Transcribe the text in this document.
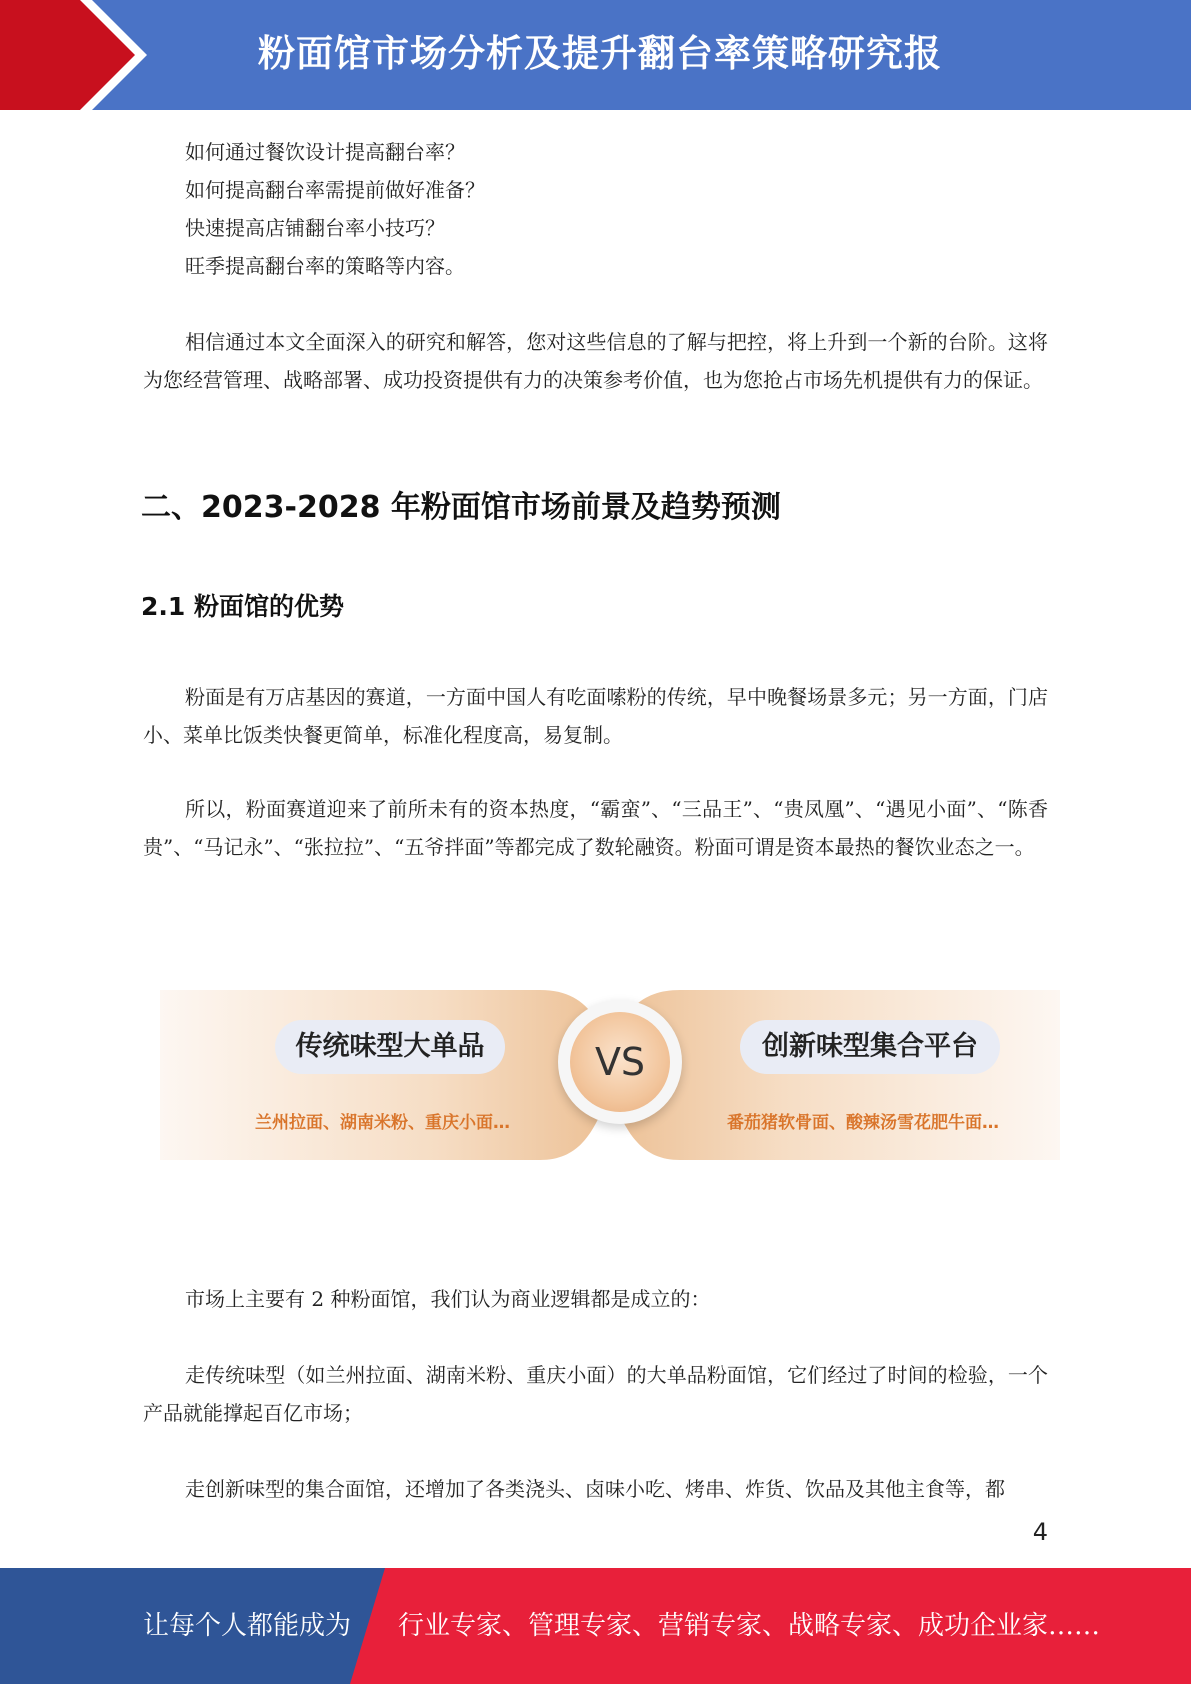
粉面馆市场分析及提升翻台率策略研究报告

如何通过餐饮设计提高翻台率？

如何提高翻台率需提前做好准备？

快速提高店铺翻台率小技巧？

旺季提高翻台率的策略等内容。

相信通过本文全面深入的研究和解答，您对这些信息的了解与把控，将上升到一个新的台阶。这将为您经营管理、战略部署、成功投资提供有力的决策参考价值，也为您抢占市场先机提供有力的保证。

二、2023-2028 年粉面馆市场前景及趋势预测
2.1 粉面馆的优势

粉面是有万店基因的赛道，一方面中国人有吃面嗦粉的传统，早中晚餐场景多元；另一方面，门店小、菜单比饭类快餐更简单，标准化程度高，易复制。

所以，粉面赛道迎来了前所未有的资本热度，“霸蛮”、“三品王”、“贵凤凰”、“遇见小面”、“陈香贵”、“马记永”、“张拉拉”、“五爷拌面”等都完成了数轮融资。粉面可谓是资本最热的餐饮业态之一。

传统味型大单品
兰州拉面、湖南米粉、重庆小面…
VS	创新味型集合平台
番茄猪软骨面、酸辣汤雪花肥牛面…

市场上主要有 2 种粉面馆，我们认为商业逻辑都是成立的：

走传统味型（如兰州拉面、湖南米粉、重庆小面）的大单品粉面馆，它们经过了时间的检验，一个产品就能撑起百亿市场；

走创新味型的集合面馆，还增加了各类浇头、卤味小吃、烤串、炸货、饮品及其他主食等，都

4
让每个人都能成为 行业专家、管理专家、营销专家、战略专家、成功企业家……
